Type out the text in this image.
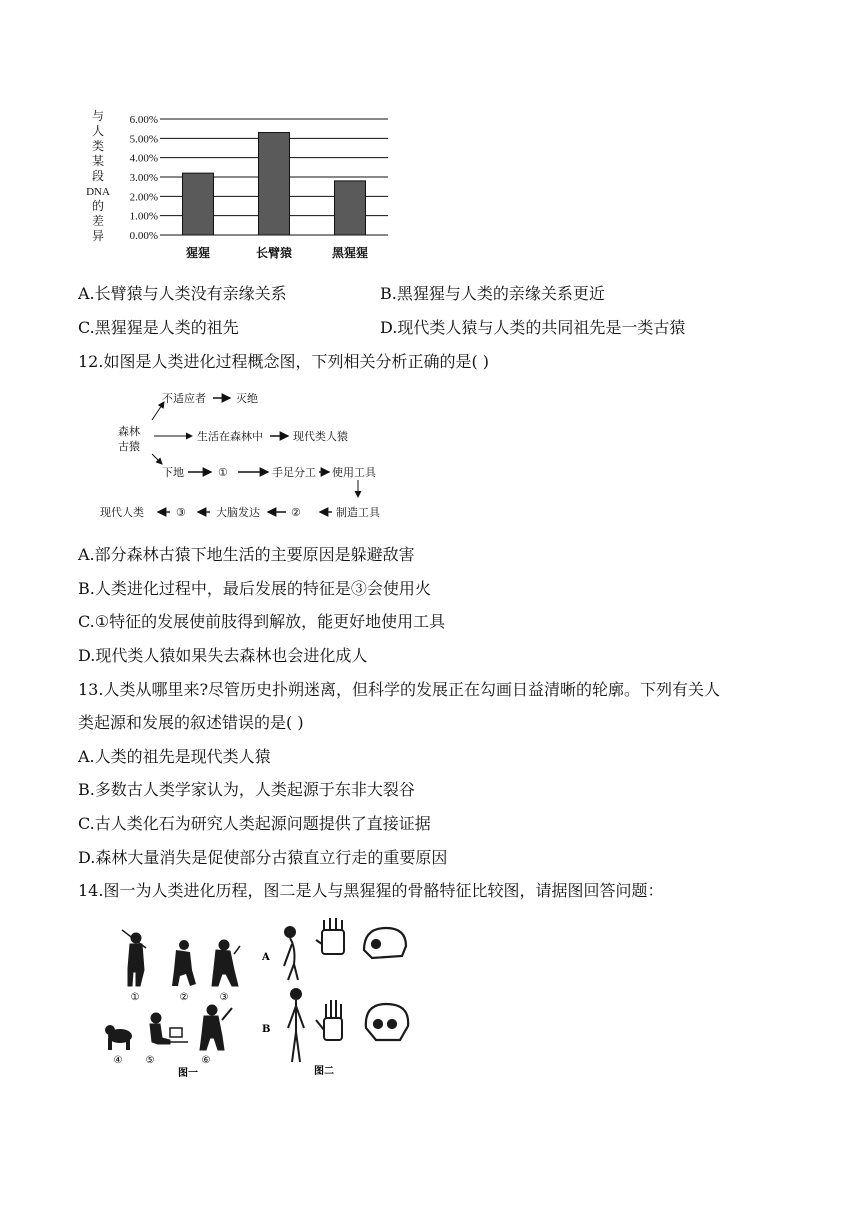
与
人
类
某
段
DNA
的
差
异 0.00%
1.00%
2.00%
3.00%
4.00%
5.00%
6.00%
猩猩	长臂猿	黑猩猩
A.长臂猿与人类没有亲缘关系	B.黑猩猩与人类的亲缘关系更近
C.黑猩猩是人类的祖先	D.现代类人猿与人类的共同祖先是一类古猿
12.如图是人类进化过程概念图，下列相关分析正确的是( )
森林
古猿
不适应者	灭绝
生活在森林中	现代类人猿
下地	①	手足分工 使用工具
制造工具
②
大脑发达
③
现代人类
A.部分森林古猿下地生活的主要原因是躲避敌害
B.人类进化过程中，最后发展的特征是③会使用火
C.①特征的发展使前肢得到解放，能更好地使用工具
D.现代类人猿如果失去森林也会进化成人
13.人类从哪里来?尽管历史扑朔迷离，但科学的发展正在勾画日益清晰的轮廓。下列有关人
类起源和发展的叙述错误的是( )
A.人类的祖先是现代类人猿
B.多数古人类学家认为，人类起源于东非大裂谷
C.古人类化石为研究人类起源问题提供了直接证据
D.森林大量消失是促使部分古猿直立行走的重要原因
14.图一为人类进化历程，图二是人与黑猩猩的骨骼特征比较图，请据图回答问题：
①	②	③
④ ⑤	⑥
图一
A
B
图二
